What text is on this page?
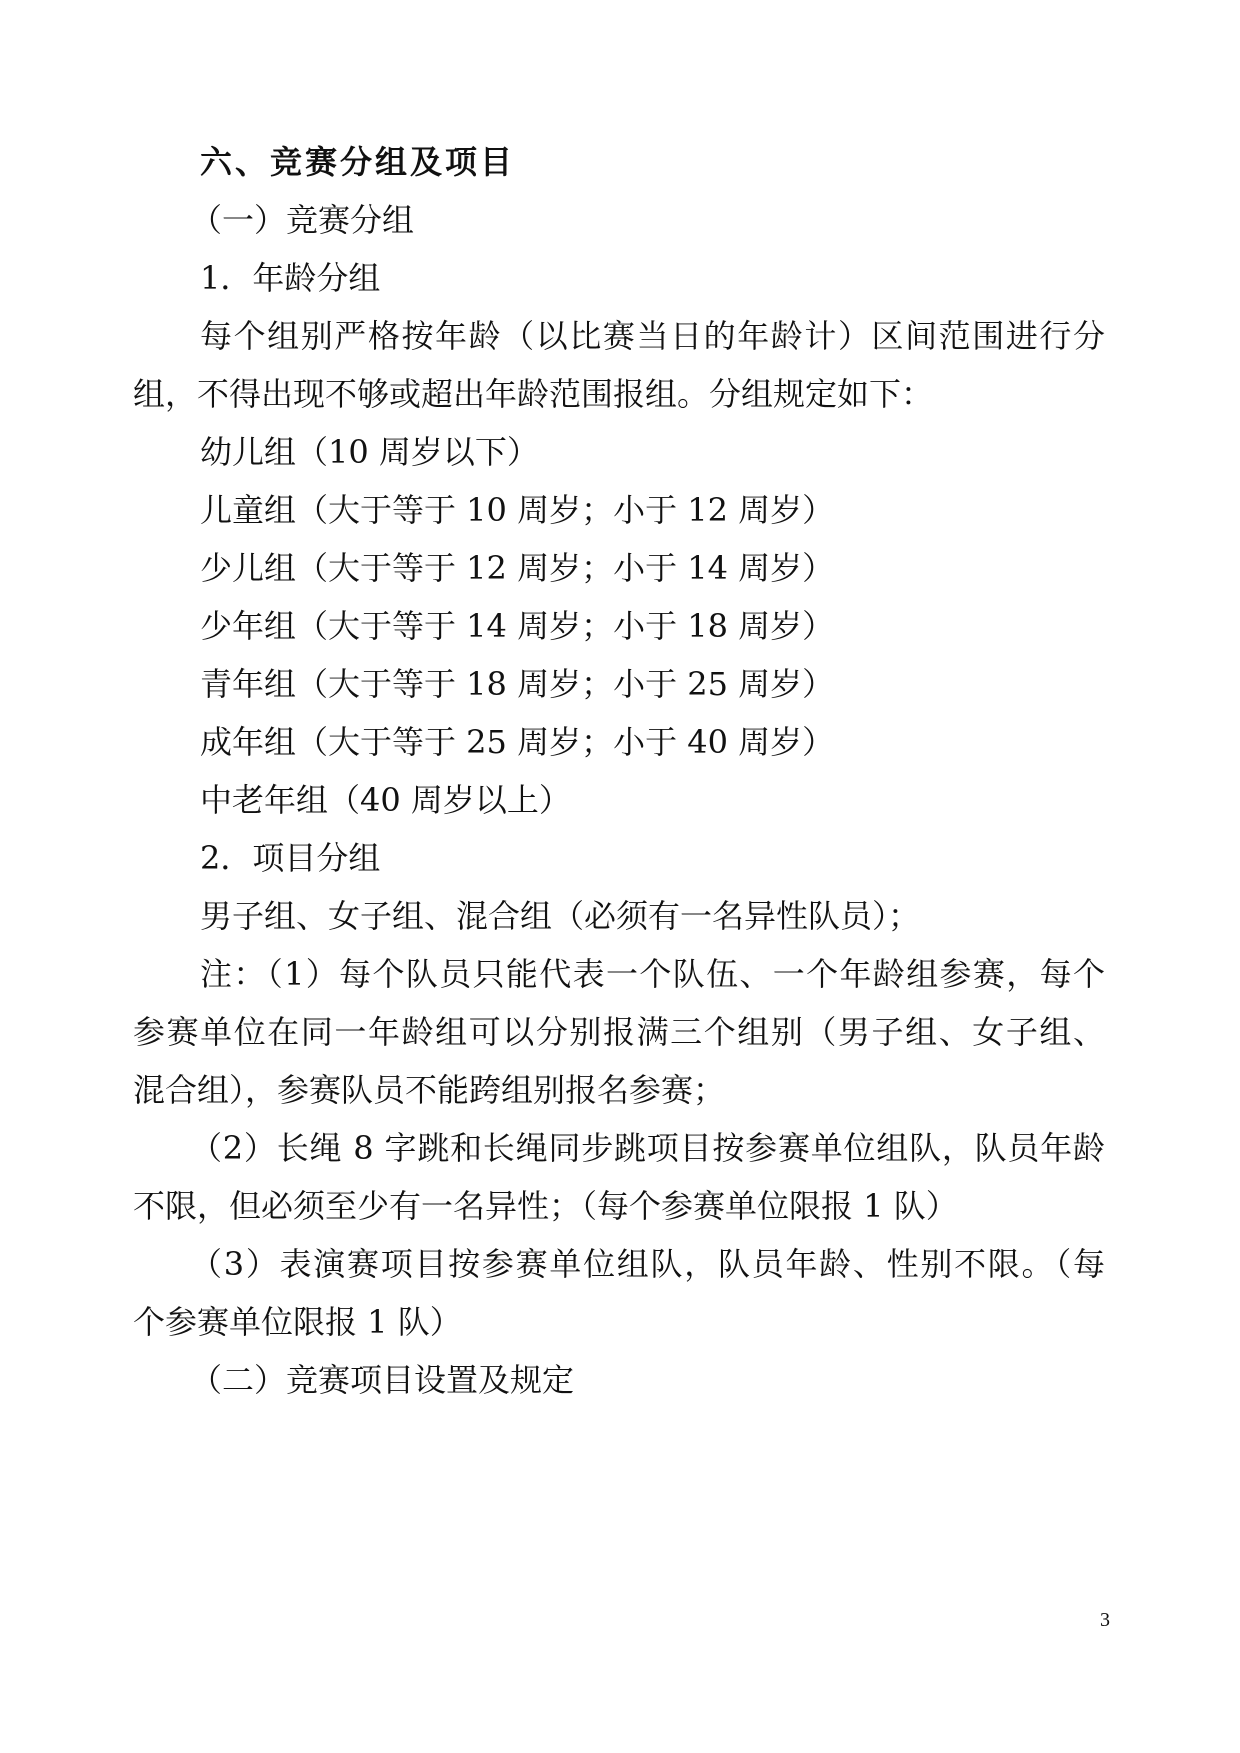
六、竞赛分组及项目
（一）竞赛分组
1．年龄分组
每个组别严格按年龄（以比赛当日的年龄计）区间范围进行分
组，不得出现不够或超出年龄范围报组。分组规定如下：
幼儿组（10 周岁以下）
儿童组（大于等于 10 周岁；小于 12 周岁）
少儿组（大于等于 12 周岁；小于 14 周岁）
少年组（大于等于 14 周岁；小于 18 周岁）
青年组（大于等于 18 周岁；小于 25 周岁）
成年组（大于等于 25 周岁；小于 40 周岁）
中老年组（40 周岁以上）
2．项目分组
男子组、女子组、混合组（必须有一名异性队员）；
注：（1）每个队员只能代表一个队伍、一个年龄组参赛，每个
参赛单位在同一年龄组可以分别报满三个组别（男子组、女子组、
混合组），参赛队员不能跨组别报名参赛；
（2）长绳 8 字跳和长绳同步跳项目按参赛单位组队，队员年龄
不限，但必须至少有一名异性；（每个参赛单位限报 1 队）
（3）表演赛项目按参赛单位组队，队员年龄、性别不限。（每
个参赛单位限报 1 队）
（二）竞赛项目设置及规定
3
